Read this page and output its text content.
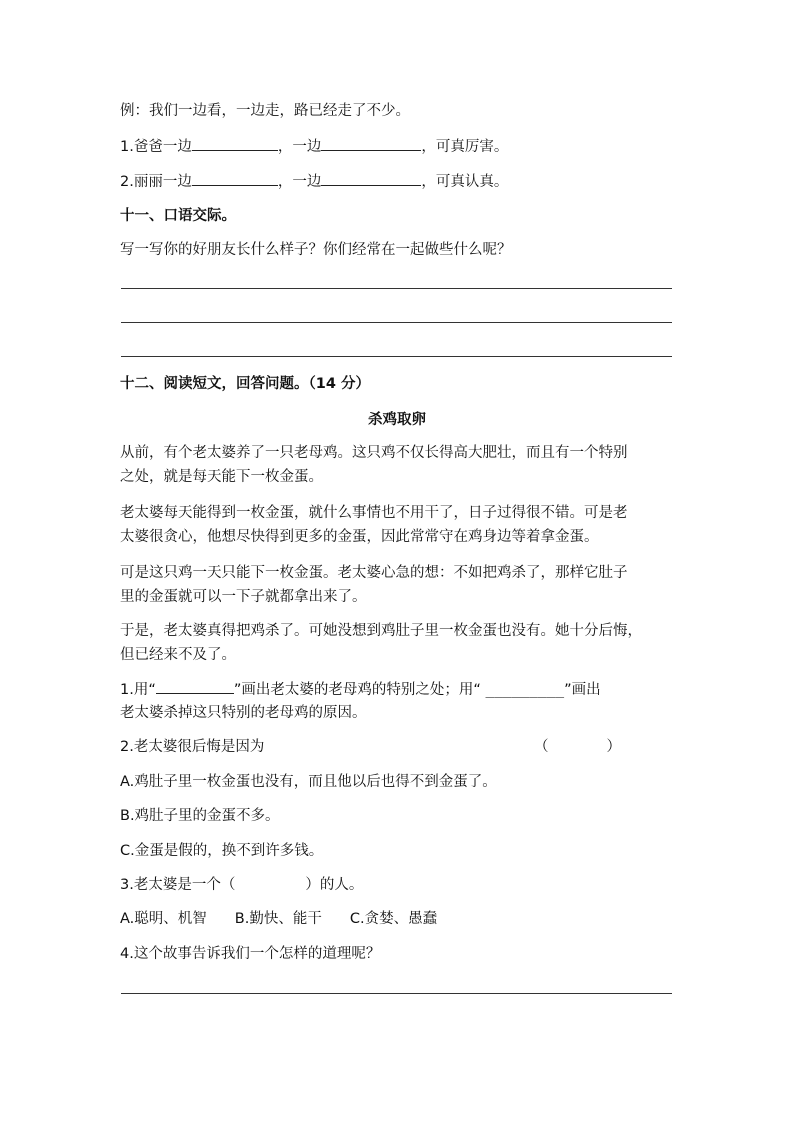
例：我们一边看，一边走，路已经走了不少。
1.爸爸一边	，一边	，可真厉害。
2.丽丽一边	，一边	，可真认真。
十一、口语交际。
写一写你的好朋友长什么样子？你们经常在一起做些什么呢？
十二、阅读短文，回答问题。（14 分）
杀鸡取卵
从前，有个老太婆养了一只老母鸡。这只鸡不仅长得高大肥壮，而且有一个特别
之处，就是每天能下一枚金蛋。
老太婆每天能得到一枚金蛋，就什么事情也不用干了，日子过得很不错。可是老
太婆很贪心，他想尽快得到更多的金蛋，因此常常守在鸡身边等着拿金蛋。
可是这只鸡一天只能下一枚金蛋。老太婆心急的想：不如把鸡杀了，那样它肚子
里的金蛋就可以一下子就都拿出来了。
于是，老太婆真得把鸡杀了。可她没想到鸡肚子里一枚金蛋也没有。她十分后悔，
但已经来不及了。
1.用“	”画出老太婆的老母鸡的特别之处；用“ _________”画出
老太婆杀掉这只特别的老母鸡的原因。
2.老太婆很后悔是因为	（　　　　）
A.鸡肚子里一枚金蛋也没有，而且他以后也得不到金蛋了。
B.鸡肚子里的金蛋不多。
C.金蛋是假的，换不到许多钱。
3.老太婆是一个（	）的人。
A.聪明、机智 B.勤快、能干 C.贪婪、愚蠢
4.这个故事告诉我们一个怎样的道理呢？
